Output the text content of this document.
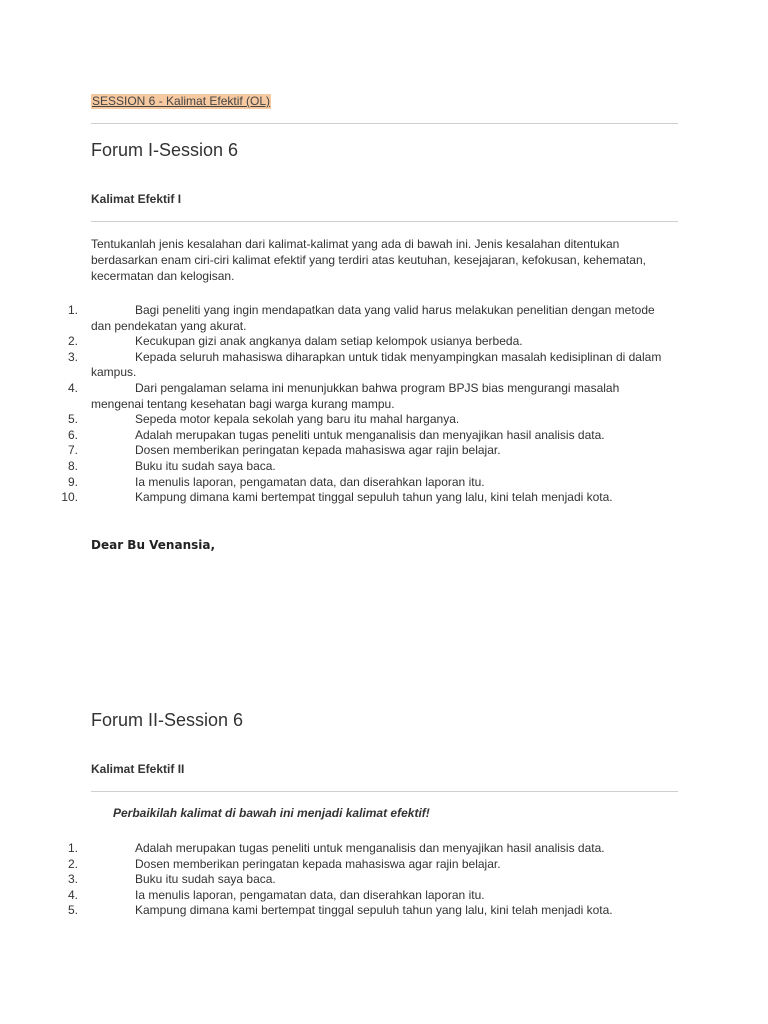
SESSION 6 - Kalimat Efektif (OL)
Forum I-Session 6
Kalimat Efektif I

Tentukanlah jenis kesalahan dari kalimat-kalimat yang ada di bawah ini. Jenis kesalahan ditentukan berdasarkan enam ciri-ciri kalimat efektif yang terdiri atas keutuhan, kesejajaran, kefokusan, kehematan, kecermatan dan kelogisan.

1.	Bagi peneliti yang ingin mendapatkan data yang valid harus melakukan penelitian dengan metode dan pendekatan yang akurat.
2.	Kecukupan gizi anak angkanya dalam setiap kelompok usianya berbeda.
3.	Kepada seluruh mahasiswa diharapkan untuk tidak menyampingkan masalah kedisiplinan di dalam kampus.
4.	Dari pengalaman selama ini menunjukkan bahwa program BPJS bias mengurangi masalah mengenai tentang kesehatan bagi warga kurang mampu.
5.	Sepeda motor kepala sekolah yang baru itu mahal harganya.
6.	Adalah merupakan tugas peneliti untuk menganalisis dan menyajikan hasil analisis data.
7.	Dosen memberikan peringatan kepada mahasiswa agar rajin belajar.
8.	Buku itu sudah saya baca.
9.	Ia menulis laporan, pengamatan data, dan diserahkan laporan itu.
10.	Kampung dimana kami bertempat tinggal sepuluh tahun yang lalu, kini telah menjadi kota.
Dear Bu Venansia,
Forum II-Session 6
Kalimat Efektif II
Perbaikilah kalimat di bawah ini menjadi kalimat efektif!
1.	Adalah merupakan tugas peneliti untuk menganalisis dan menyajikan hasil analisis data.
2.	Dosen memberikan peringatan kepada mahasiswa agar rajin belajar.
3.	Buku itu sudah saya baca.
4.	Ia menulis laporan, pengamatan data, dan diserahkan laporan itu.
5.	Kampung dimana kami bertempat tinggal sepuluh tahun yang lalu, kini telah menjadi kota.
